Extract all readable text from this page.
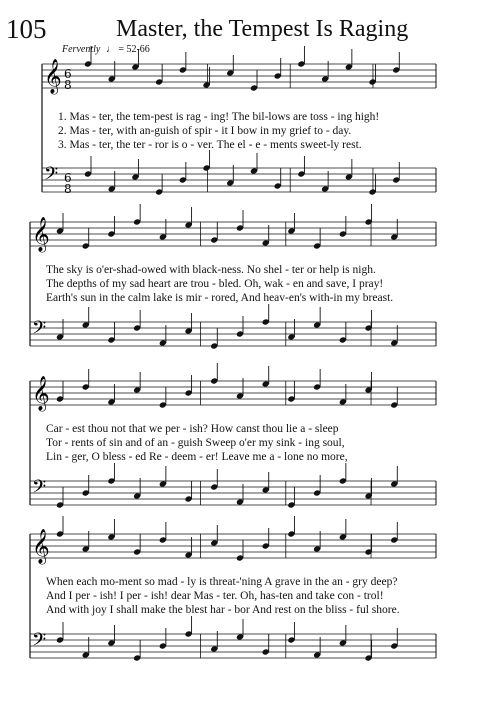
105	Master, the Tempest Is Raging
Fervently ♩ = 52-66
𝄞 6
8
𝄢 6
8
𝄞
𝄢
𝄞
𝄢
𝄞
𝄢
1. Mas - ter, the tem-pest is rag - ing! The bil-lows are toss - ing high!
2. Mas - ter, with an-guish of spir - it I bow in my grief to - day.
3. Mas - ter, the ter - ror is o - ver. The el - e - ments sweet-ly rest.
The sky is o'er-shad-owed with black-ness. No shel - ter or help is nigh.
The depths of my sad heart are trou - bled. Oh, wak - en and save, I pray!
Earth's sun in the calm lake is mir - rored, And heav-en's with-in my breast.
Car - est thou not that we per - ish? How canst thou lie a - sleep
Tor - rents of sin and of an - guish Sweep o'er my sink - ing soul,
Lin - ger, O bless - ed Re - deem - er! Leave me a - lone no more,
When each mo-ment so mad - ly is threat-'ning A grave in the an - gry deep?
And I per - ish! I per - ish! dear Mas - ter. Oh, has-ten and take con - trol!
And with joy I shall make the blest har - bor And rest on the bliss - ful shore.
